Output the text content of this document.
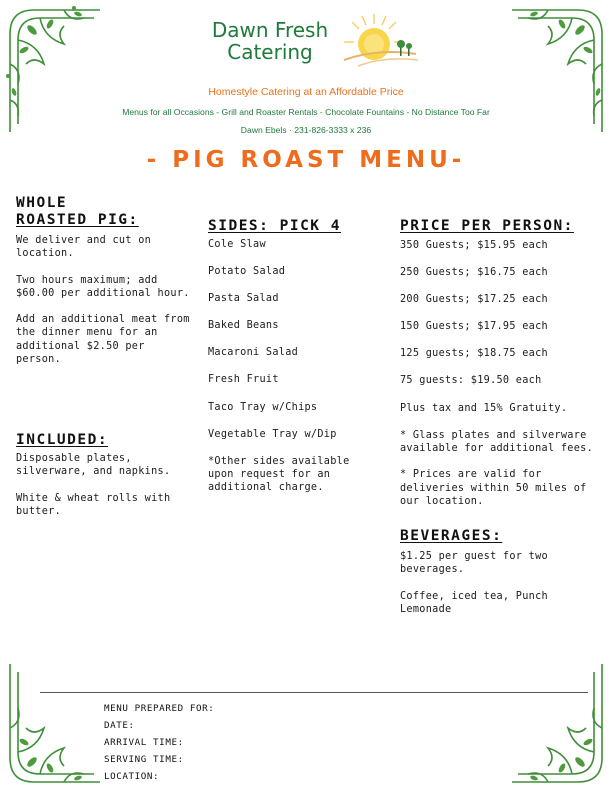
Dawn Fresh
Catering
Homestyle Catering at an Affordable Price
Menus for all Occasions - Grill and Roaster Rentals - Chocolate Fountains - No Distance Too Far
Dawn Ebels · 231-826-3333 x 236
- PIG ROAST MENU-
WHOLE
ROASTED PIG:

We deliver and cut on location.

Two hours maximum; add $60.00 per additional hour.

Add an additional meat from the dinner menu for an additional $2.50 per person.

INCLUDED:

Disposable plates, silverware, and napkins.

White & wheat rolls with butter.

SIDES: PICK 4
Cole Slaw
Potato Salad
Pasta Salad
Baked Beans
Macaroni Salad
Fresh Fruit
Taco Tray w/Chips
Vegetable Tray w/Dip
*Other sides available upon request for an additional charge.
PRICE PER PERSON:
350 Guests; $15.95 each
250 Guests; $16.75 each
200 Guests; $17.25 each
150 Guests; $17.95 each
125 guests; $18.75 each
75 guests: $19.50 each
Plus tax and 15% Gratuity.

* Glass plates and silverware available for additional fees.

* Prices are valid for deliveries within 50 miles of our location.

BEVERAGES:

$1.25 per guest for two beverages.

Coffee, iced tea, Punch Lemonade

MENU PREPARED FOR:
DATE:
ARRIVAL TIME:
SERVING TIME:
LOCATION:
